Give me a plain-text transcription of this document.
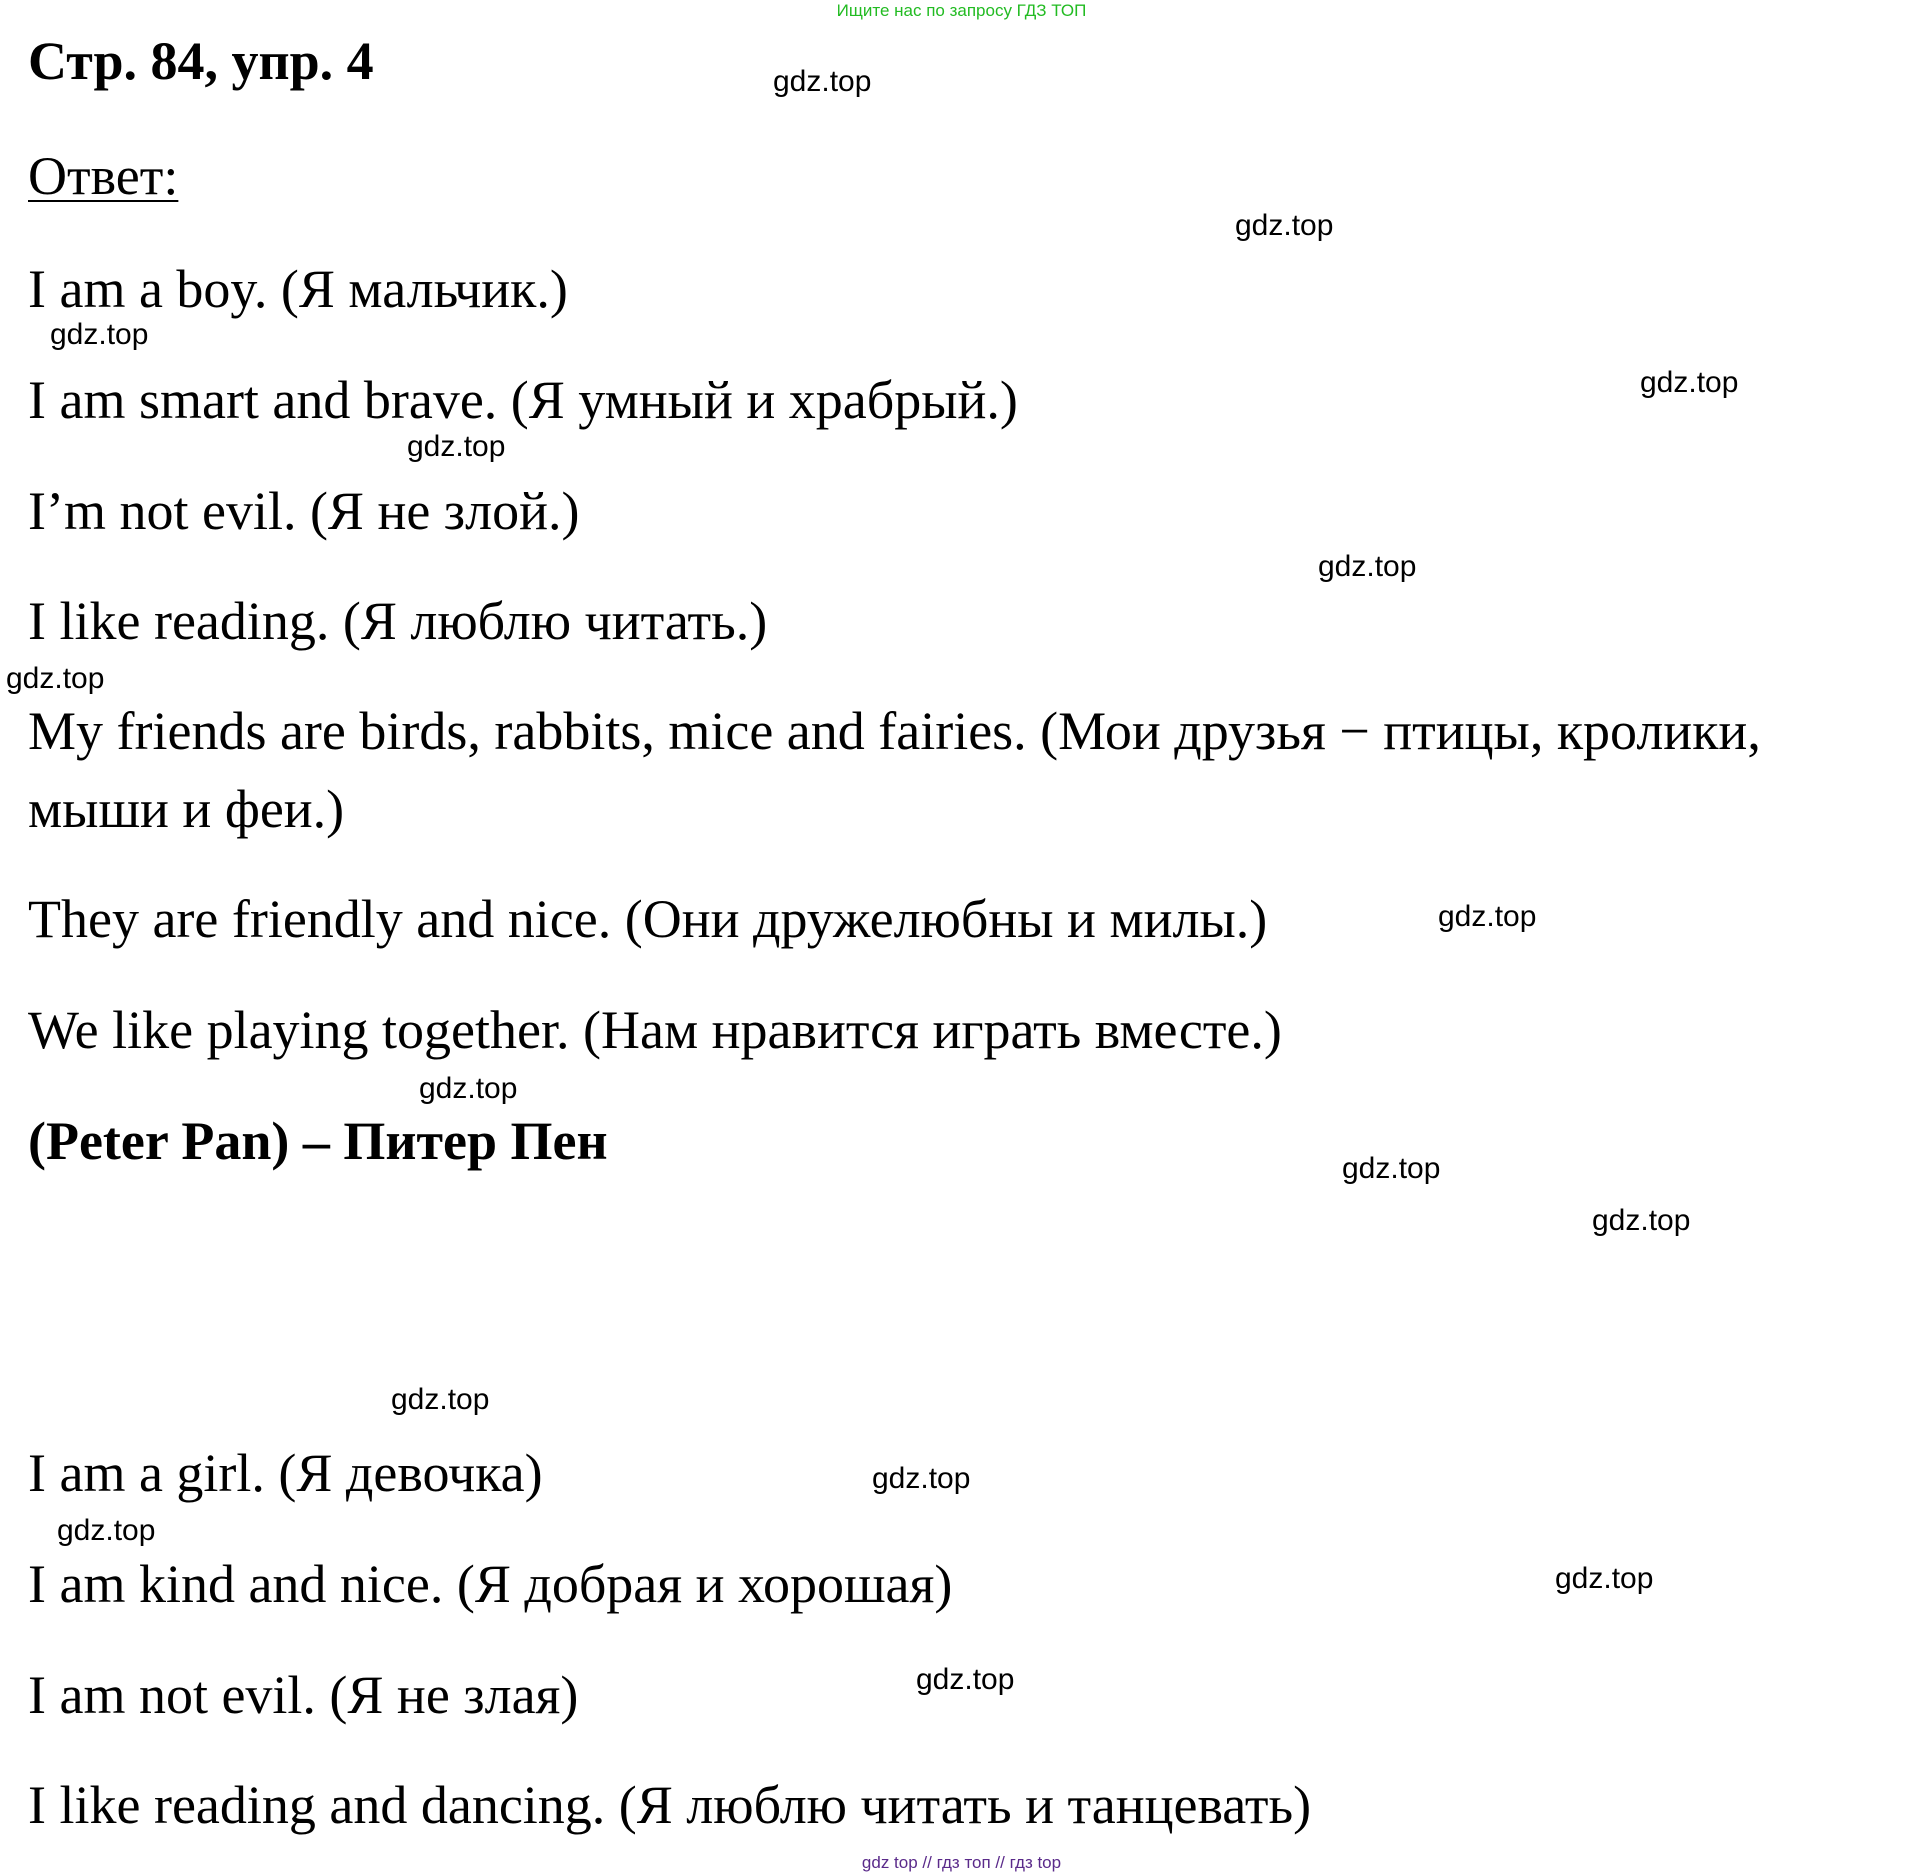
Ищите нас по запросу ГДЗ ТОП
Стр. 84, упр. 4	gdz.top
Ответ:
gdz.top
I am a boy. (Я мальчик.)
gdz.top
I am smart and brave. (Я умный и храбрый.)	gdz.top
gdz.top
I’m not evil. (Я не злой.)
gdz.top
I like reading. (Я люблю читать.)
gdz.top
My friends are birds, rabbits, mice and fairies. (Мои друзья − птицы, кролики,
мыши и феи.)
They are friendly and nice. (Они дружелюбны и милы.)	gdz.top
We like playing together. (Нам нравится играть вместе.)
gdz.top
(Peter Pan) – Питер Пен	gdz.top
gdz.top
gdz.top
I am a girl. (Я девочка)	gdz.top
gdz.top
I am kind and nice. (Я добрая и хорошая)	gdz.top
I am not evil. (Я не злая)	gdz.top
I like reading and dancing. (Я люблю читать и танцевать)
gdz top // гдз топ // гдз top
